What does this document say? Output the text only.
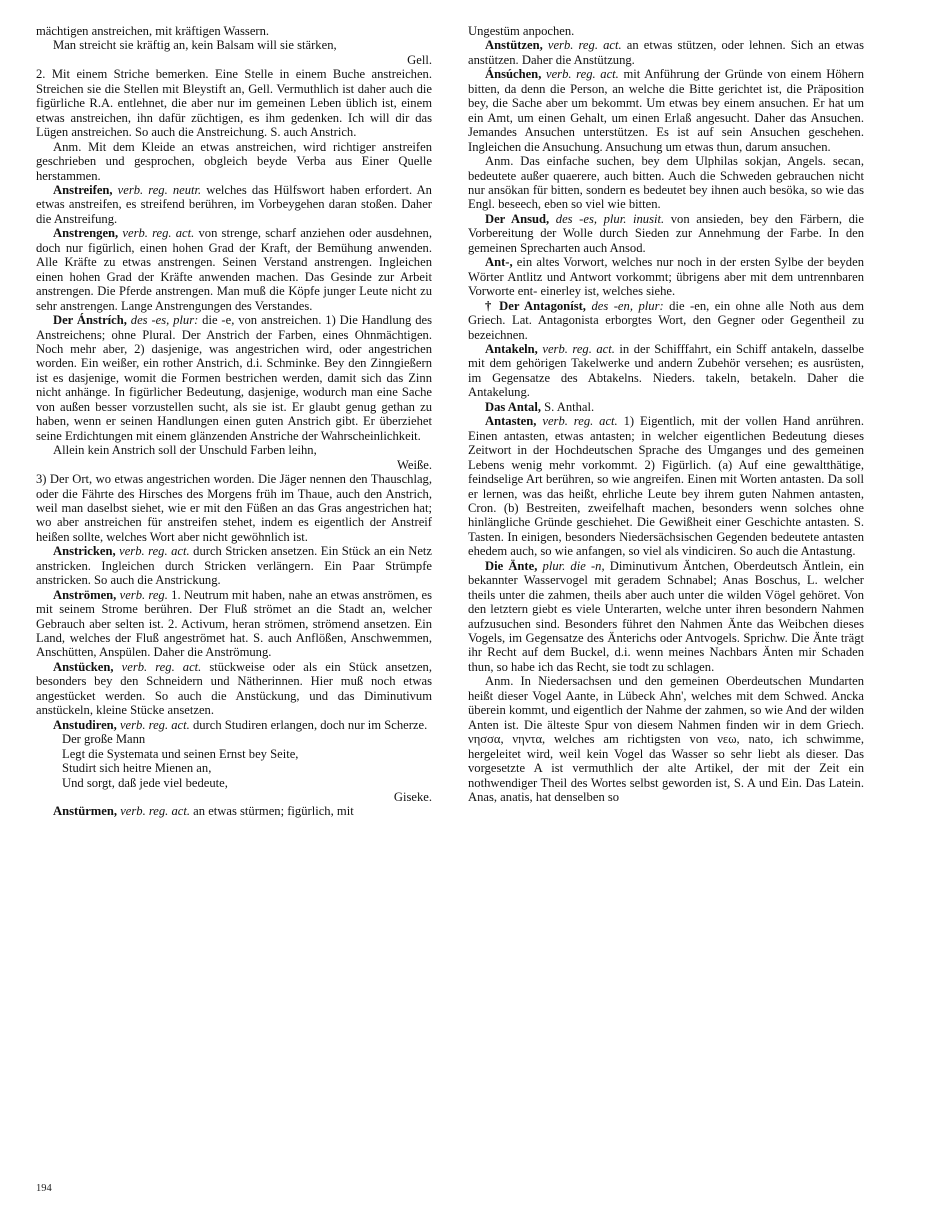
mächtigen anstreichen, mit kräftigen Wassern.

Man streicht sie kräftig an, kein Balsam will sie stärken,

Gell.

2. Mit einem Striche bemerken. Eine Stelle in einem Buche anstreichen. Streichen sie die Stellen mit Bleystift an, Gell. Vermuthlich ist daher auch die figürliche R.A. entlehnet, die aber nur im gemeinen Leben üblich ist, einem etwas anstreichen, ihn dafür züchtigen, es ihm gedenken. Ich will dir das Lügen anstreichen. So auch die Anstreichung. S. auch Anstrich.

Anm. Mit dem Kleide an etwas anstreichen, wird richtiger anstreifen geschrieben und gesprochen, obgleich beyde Verba aus Einer Quelle herstammen.

Anstreifen, verb. reg. neutr. welches das Hülfswort haben erfordert. An etwas anstreifen, es streifend berühren, im Vorbeygehen daran stoßen. Daher die Anstreifung.

Anstrengen, verb. reg. act. von strenge, scharf anziehen oder ausdehnen, doch nur figürlich, einen hohen Grad der Kraft, der Bemühung anwenden. Alle Kräfte zu etwas anstrengen. Seinen Verstand anstrengen. Ingleichen einen hohen Grad der Kräfte anwenden machen. Das Gesinde zur Arbeit anstrengen. Die Pferde anstrengen. Man muß die Köpfe junger Leute nicht zu sehr anstrengen. Lange Anstrengungen des Verstandes.

Der Ánstrích, des -es, plur: die -e, von anstreichen. 1) Die Handlung des Anstreichens; ohne Plural. Der Anstrich der Farben, eines Ohnmächtigen. Noch mehr aber, 2) dasjenige, was angestrichen wird, oder angestrichen worden. Ein weißer, ein rother Anstrich, d.i. Schminke. Bey den Zinngießern ist es dasjenige, womit die Formen bestrichen werden, damit sich das Zinn nicht anhänge. In figürlicher Bedeutung, dasjenige, wodurch man eine Sache von außen besser vorzustellen sucht, als sie ist. Er glaubt genug gethan zu haben, wenn er seinen Handlungen einen guten Anstrich gibt. Er überziehet seine Erdichtungen mit einem glänzenden Anstriche der Wahrscheinlichkeit.

Allein kein Anstrich soll der Unschuld Farben leihn,

Weiße.

3) Der Ort, wo etwas angestrichen worden. Die Jäger nennen den Thauschlag, oder die Fährte des Hirsches des Morgens früh im Thaue, auch den Anstrich, weil man daselbst siehet, wie er mit den Füßen an das Gras angestrichen hat; wo aber anstreichen für anstreifen stehet, indem es eigentlich der Anstreif heißen sollte, welches Wort aber nicht gewöhnlich ist.

Anstricken, verb. reg. act. durch Stricken ansetzen. Ein Stück an ein Netz anstricken. Ingleichen durch Stricken verlängern. Ein Paar Strümpfe anstricken. So auch die Anstrickung.

Anströmen, verb. reg. 1. Neutrum mit haben, nahe an etwas anströmen, es mit seinem Strome berühren. Der Fluß strömet an die Stadt an, welcher Gebrauch aber selten ist. 2. Activum, heran strömen, strömend ansetzen. Ein Land, welches der Fluß angeströmet hat. S. auch Anflößen, Anschwemmen, Anschütten, Anspülen. Daher die Anströmung.

Anstücken, verb. reg. act. stückweise oder als ein Stück ansetzen, besonders bey den Schneidern und Nätherinnen. Hier muß noch etwas angestücket werden. So auch die Anstückung, und das Diminutivum anstückeln, kleine Stücke ansetzen.

Anstudiren, verb. reg. act. durch Studiren erlangen, doch nur im Scherze.

Der große Mann

Legt die Systemata und seinen Ernst bey Seite,

Studirt sich heitre Mienen an,

Und sorgt, daß jede viel bedeute,

Giseke.

Anstürmen, verb. reg. act. an etwas stürmen; figürlich, mit

Ungestüm anpochen.

Anstützen, verb. reg. act. an etwas stützen, oder lehnen. Sich an etwas anstützen. Daher die Anstützung.

Ánsúchen, verb. reg. act. mit Anführung der Gründe von einem Höhern bitten, da denn die Person, an welche die Bitte gerichtet ist, die Präposition bey, die Sache aber um bekommt. Um etwas bey einem ansuchen. Er hat um ein Amt, um einen Gehalt, um einen Erlaß angesucht. Daher das Ansuchen. Jemandes Ansuchen unterstützen. Es ist auf sein Ansuchen geschehen. Ingleichen die Ansuchung. Ansuchung um etwas thun, darum ansuchen.

Anm. Das einfache suchen, bey dem Ulphilas sokjan, Angels. secan, bedeutete außer quaerere, auch bitten. Auch die Schweden gebrauchen nicht nur ansökan für bitten, sondern es bedeutet bey ihnen auch besöka, so wie das Engl. beseech, eben so viel wie bitten.

Der Ansud, des -es, plur. inusit. von ansieden, bey den Färbern, die Vorbereitung der Wolle durch Sieden zur Annehmung der Farbe. In den gemeinen Sprecharten auch Ansod.

Ant-, ein altes Vorwort, welches nur noch in der ersten Sylbe der beyden Wörter Antlitz und Antwort vorkommt; übrigens aber mit dem untrennbaren Vorworte ent- einerley ist, welches siehe.

† Der Antagoníst, des -en, plur: die -en, ein ohne alle Noth aus dem Griech. Lat. Antagonista erborgtes Wort, den Gegner oder Gegentheil zu bezeichnen.

Antakeln, verb. reg. act. in der Schifffahrt, ein Schiff antakeln, dasselbe mit dem gehörigen Takelwerke und andern Zubehör versehen; es ausrüsten, im Gegensatze des Abtakelns. Nieders. takeln, betakeln. Daher die Antakelung.

Das Antal, S. Anthal.

Antasten, verb. reg. act. 1) Eigentlich, mit der vollen Hand anrühren. Einen antasten, etwas antasten; in welcher eigentlichen Bedeutung dieses Zeitwort in der Hochdeutschen Sprache des Umganges und des gemeinen Lebens wenig mehr vorkommt. 2) Figürlich. (a) Auf eine gewaltthätige, feindselige Art berühren, so wie angreifen. Einen mit Worten antasten. Da soll er lernen, was das heißt, ehrliche Leute bey ihrem guten Nahmen antasten, Cron. (b) Bestreiten, zweifelhaft machen, besonders wenn solches ohne hinlängliche Gründe geschiehet. Die Gewißheit einer Geschichte antasten. S. Tasten. In einigen, besonders Niedersächsischen Gegenden bedeutete antasten ehedem auch, so wie anfangen, so viel als vindiciren. So auch die Antastung.

Die Änte, plur. die -n, Diminutivum Äntchen, Oberdeutsch Äntlein, ein bekannter Wasservogel mit geradem Schnabel; Anas Boschus, L. welcher theils unter die zahmen, theils aber auch unter die wilden Vögel gehöret. Von den letztern giebt es viele Unterarten, welche unter ihren besondern Nahmen aufzusuchen sind. Besonders führet den Nahmen Änte das Weibchen dieses Vogels, im Gegensatze des Änterichs oder Antvogels. Sprichw. Die Änte trägt ihr Recht auf dem Buckel, d.i. wenn meines Nachbars Änten mir Schaden thun, so habe ich das Recht, sie todt zu schlagen.

Anm. In Niedersachsen und den gemeinen Oberdeutschen Mundarten heißt dieser Vogel Aante, in Lübeck Ahn', welches mit dem Schwed. Ancka überein kommt, und eigentlich der Nahme der zahmen, so wie And der wilden Anten ist. Die älteste Spur von diesem Nahmen finden wir in dem Griech. νησσα, νηντα, welches am richtigsten von νεω, nato, ich schwimme, hergeleitet wird, weil kein Vogel das Wasser so sehr liebt als dieser. Das vorgesetzte A ist vermuthlich der alte Artikel, der mit der Zeit ein nothwendiger Theil des Wortes selbst geworden ist, S. A und Ein. Das Latein. Anas, anatis, hat denselben so

194
